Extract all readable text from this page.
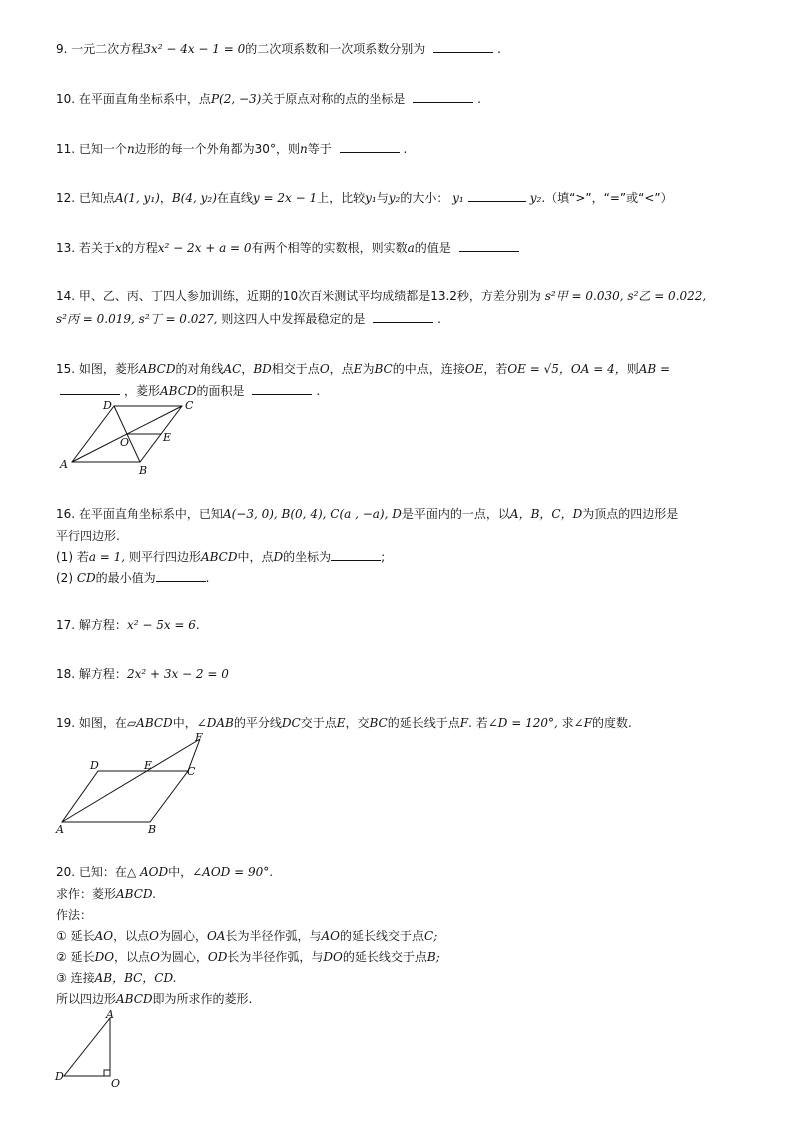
9. 一元二次方程3x² − 4x − 1 = 0的二次项系数和一次项系数分别为	.
10. 在平面直角坐标系中，点P(2, −3)关于原点对称的点的坐标是	.
11. 已知一个n边形的每一个外角都为30°，则n等于	.
12. 已知点A(1, y₁)，B(4, y₂)在直线y = 2x − 1上，比较y₁与y₂的大小： y₁	y₂.（填“>”，“=”或“<”）
13. 若关于x的方程x² − 2x + a = 0有两个相等的实数根，则实数a的值是
14. 甲、乙、丙、丁四人参加训练，近期的10次百米测试平均成绩都是13.2秒，方差分别为 s²甲 = 0.030, s²乙 = 0.022,
s²丙 = 0.019, s²丁 = 0.027, 则这四人中发挥最稳定的是	.
15. 如图，菱形ABCD的对角线AC，BD相交于点O，点E为BC的中点，连接OE，若OE = √5，OA = 4，则AB =
，菱形ABCD的面积是	.
A	B
C
D
O	E
16. 在平面直角坐标系中，已知A(−3, 0), B(0, 4), C(a , −a), D是平面内的一点，以A，B，C，D为顶点的四边形是
平行四边形.
(1) 若a = 1, 则平行四边形ABCD中，点D的坐标为	;
(2) CD的最小值为	.
17. 解方程：x² − 5x = 6.
18. 解方程：2x² + 3x − 2 = 0
19. 如图，在▱ABCD中，∠DAB的平分线DC交于点E，交BC的延长线于点F. 若∠D = 120°, 求∠F的度数.
A	B
C
D	E
F
20. 已知：在△ AOD中，∠AOD = 90°.
求作：菱形ABCD.
作法：
① 延长AO，以点O为圆心，OA长为半径作弧，与AO的延长线交于点C;
② 延长DO，以点O为圆心，OD长为半径作弧，与DO的延长线交于点B;
③ 连接AB，BC，CD.
所以四边形ABCD即为所求作的菱形.
A
D
O
